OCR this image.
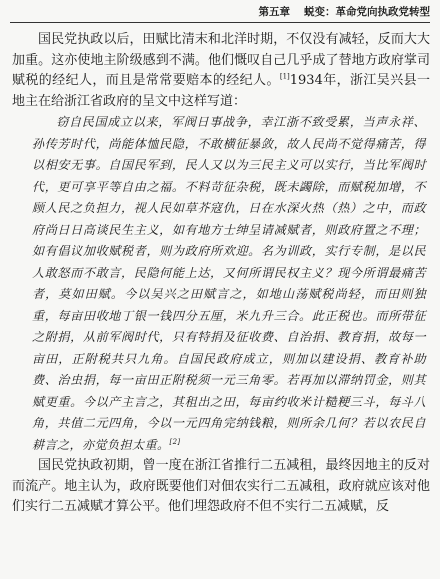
第五章 蜕变：革命党向执政党转型

国民党执政以后，田赋比清末和北洋时期，不仅没有减轻，反而大大加重。这亦使地主阶级感到不满。他们慨叹自己几乎成了替地方政府掌司赋税的经纪人，而且是常常要赔本的经纪人。[1]1934年，浙江吴兴县一地主在给浙江省政府的呈文中这样写道：

窃自民国成立以来，军阀日事战争，幸江浙不致受累，当声永祥、孙传芳时代，尚能体恤民隐，不敢横征暴敛，故人民尚不觉得痛苦，得以相安无事。自国民军到，民人又以为三民主义可以实行，当比军阀时代，更可享平等自由之福。不料苛征杂税，既未蠲除，而赋税加增，不顾人民之负担力，视人民如草芥寇仇，日在水深火热（热）之中，而政府尚日日高谈民生主义，如有地方士绅呈请减赋者，则政府置之不理；如有倡议加收赋税者，则为政府所欢迎。名为训政，实行专制，是以民人敢怒而不敢言，民隐何能上达，又何所谓民权主义？现今所谓最痛苦者，莫如田赋。今以吴兴之田赋言之，如地山荡赋税尚轻，而田则独重，每亩田收地丁银一钱四分五厘，米九升三合。此正税也。而所带征之附捐，从前军阀时代，只有特捐及征收费、自治捐、教育捐，故每一亩田，正附税共只九角。自国民政府成立，则加以建设捐、教育补助费、治虫捐，每一亩田正附税须一元三角零。若再加以滞纳罚金，则其赋更重。今以产主言之，其租出之田，每亩约收米计糙粳三斗，每斗八角，共值二元四角，今以一元四角完纳钱粮，则所余几何？若以农民自耕言之，亦觉负担太重。[2]

国民党执政初期，曾一度在浙江省推行二五减租，最终因地主的反对而流产。地主认为，政府既要他们对佃农实行二五减租，政府就应该对他们实行二五减赋才算公平。他们埋怨政府不但不实行二五减赋，反
